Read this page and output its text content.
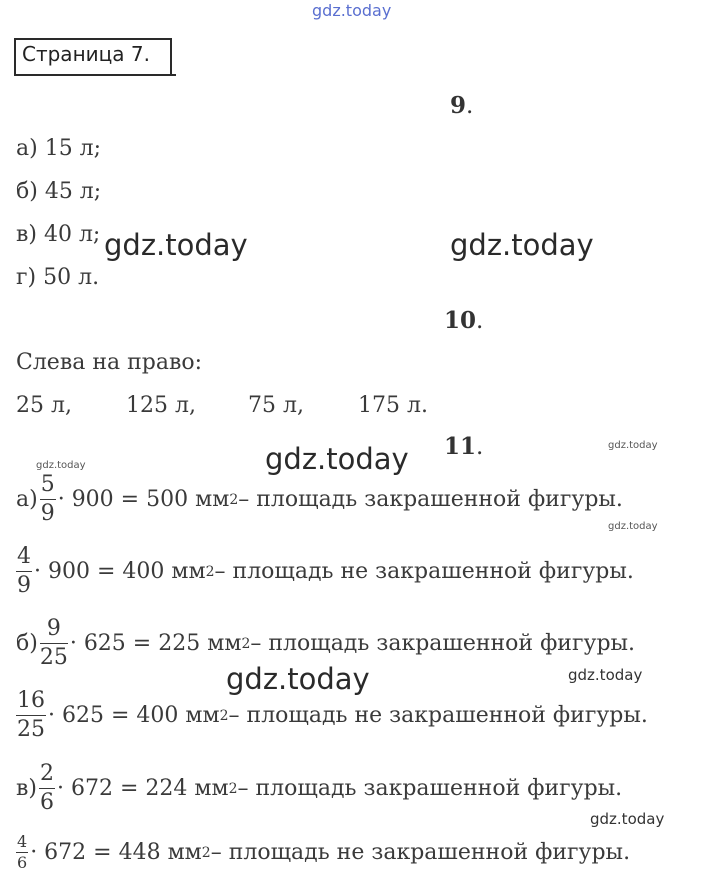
gdz.today
Страница 7.
9.
а) 15 л;
б) 45 л;
в) 40 л;
г) 50 л.
gdz.today	gdz.today
10.
Слева на право:
25 л, 125 л, 75 л, 175 л.
11.
gdz.today
gdz.today
gdz.today
$а) \frac{5}{9} \cdot 900 = 500$ мм 2 – площадь закрашенной фигуры.
gdz.today
$\frac{4}{9} \cdot 900 = 400$ мм 2 – площадь не закрашенной фигуры.
$б) \frac{9}{25} \cdot 625 = 225$ мм 2 – площадь закрашенной фигуры.
gdz.today	gdz.today
$\frac{16}{25} \cdot 625 = 400$ мм 2 – площадь не закрашенной фигуры.
$в) \frac{2}{6} \cdot 672 = 224$ мм 2 – площадь закрашенной фигуры.
gdz.today
$\frac{4}{6} \cdot 672 = 448$ мм 2 – площадь не закрашенной фигуры.
